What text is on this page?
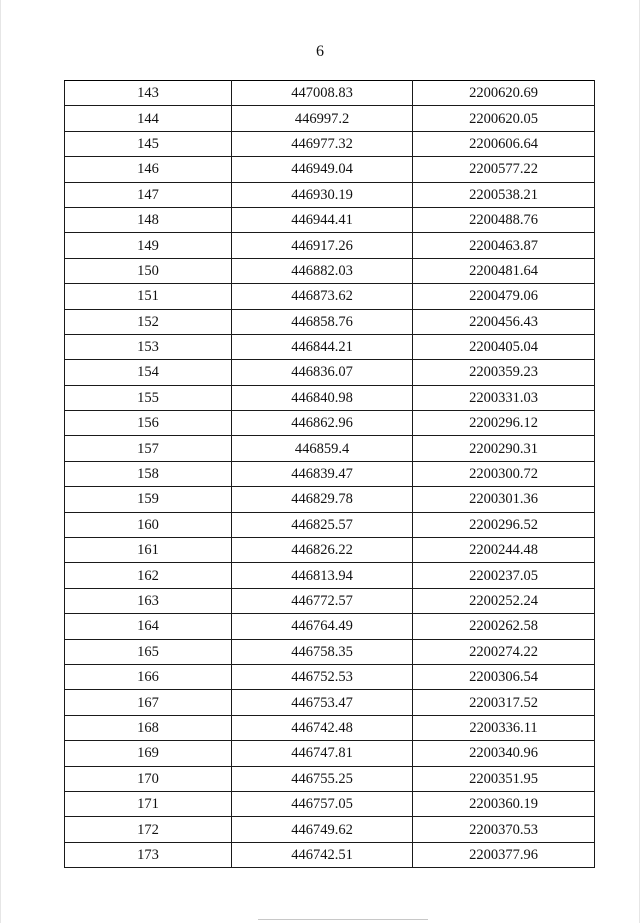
6
143	447008.83	2200620.69
144	446997.2	2200620.05
145	446977.32	2200606.64
146	446949.04	2200577.22
147	446930.19	2200538.21
148	446944.41	2200488.76
149	446917.26	2200463.87
150	446882.03	2200481.64
151	446873.62	2200479.06
152	446858.76	2200456.43
153	446844.21	2200405.04
154	446836.07	2200359.23
155	446840.98	2200331.03
156	446862.96	2200296.12
157	446859.4	2200290.31
158	446839.47	2200300.72
159	446829.78	2200301.36
160	446825.57	2200296.52
161	446826.22	2200244.48
162	446813.94	2200237.05
163	446772.57	2200252.24
164	446764.49	2200262.58
165	446758.35	2200274.22
166	446752.53	2200306.54
167	446753.47	2200317.52
168	446742.48	2200336.11
169	446747.81	2200340.96
170	446755.25	2200351.95
171	446757.05	2200360.19
172	446749.62	2200370.53
173	446742.51	2200377.96
